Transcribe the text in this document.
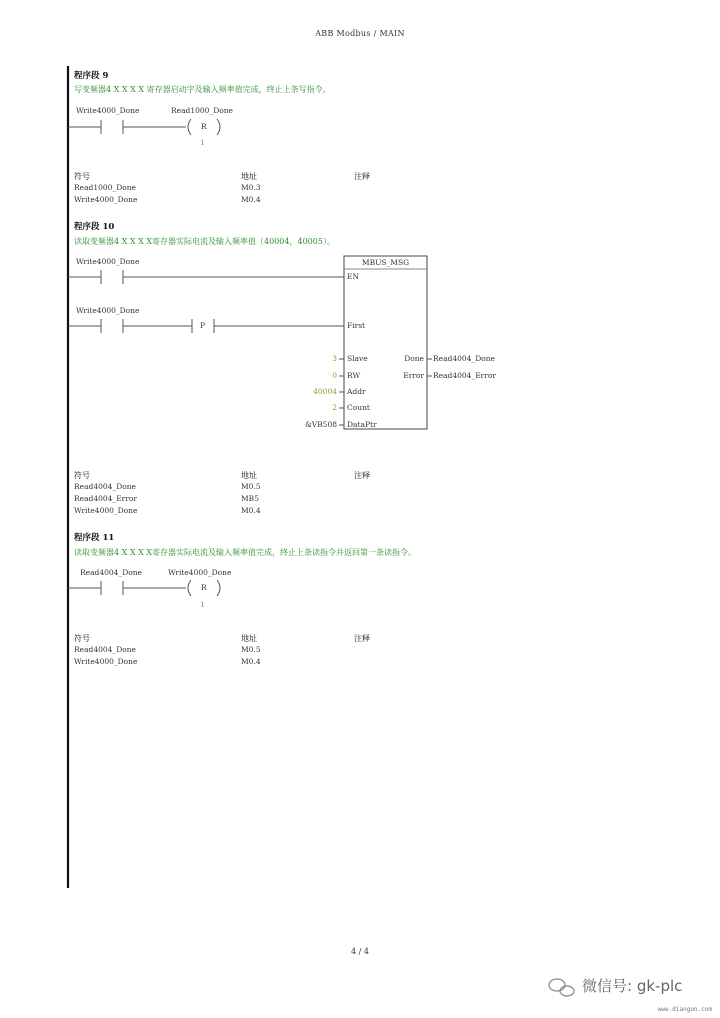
ABB Modbus / MAIN
程序段 9
写变频器4 X X X X 寄存器启动字及输入频率值完成，终止上条写指令。
Write4000_Done	Read1000_Done
R
1
符号	地址	注释
Read1000_Done	M0.3
Write4000_Done	M0.4
程序段 10
读取变频器4 X X X X寄存器实际电流及输入频率值（40004，40005）。
Write4000_Done
Write4000_Done
P
MBUS_MSG
EN
First
Slave
RW
Addr
Count
DataPtr
Done
Error
3
0
40004
2
&VB508
Read4004_Done
Read4004_Error
符号	地址	注释
Read4004_Done	M0.5
Read4004_Error	MB5
Write4000_Done	M0.4
程序段 11
读取变频器4 X X X X寄存器实际电流及输入频率值完成，终止上条读指令并返回第一条读指令。
Read4004_Done	Write4000_Done
R
1
符号	地址	注释
Read4004_Done	M0.5
Write4000_Done	M0.4
4 / 4
微信号: gk-plc
www.diangon.com
